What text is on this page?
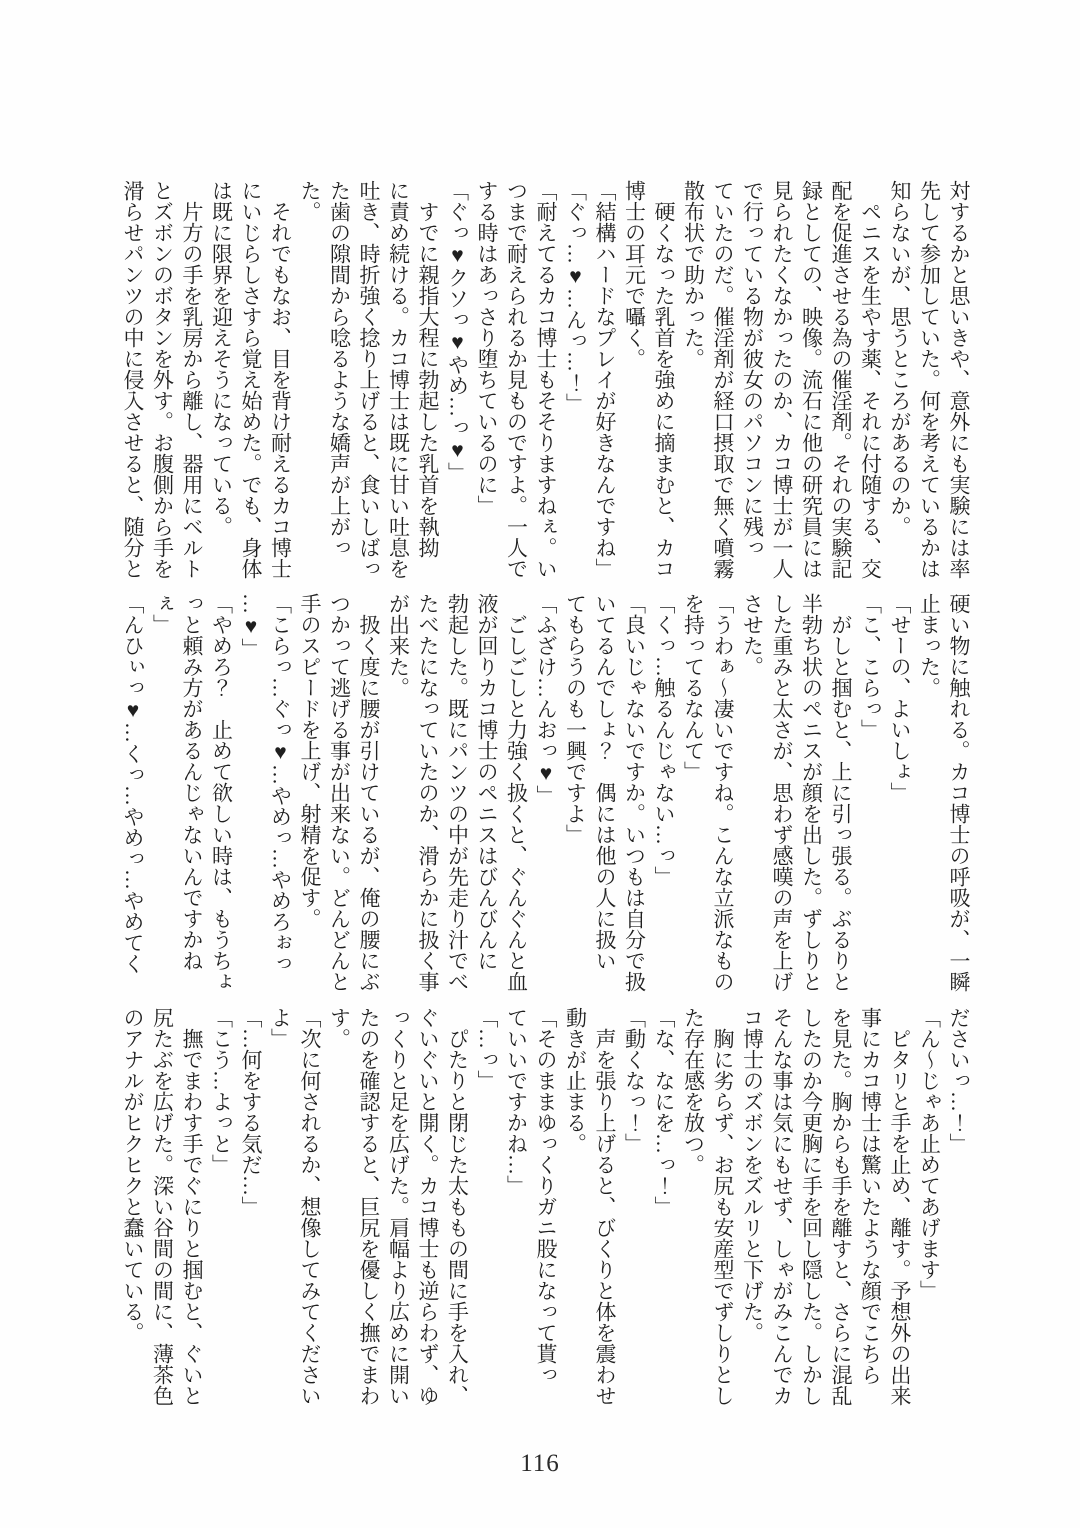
対するかと思いきや、意外にも実験には率
先して参加していた。何を考えているかは
知らないが、思うところがあるのか。
　ペニスを生やす薬、それに付随する、交
配を促進させる為の催淫剤。それの実験記
録としての、映像。流石に他の研究員には
見られたくなかったのか、カコ博士が一人
で行っている物が彼女のパソコンに残っ
ていたのだ。催淫剤が経口摂取で無く噴霧
散布状で助かった。
　硬くなった乳首を強めに摘まむと、カコ
博士の耳元で囁く。
「結構ハードなプレイが好きなんですね」
「ぐっ…♥…んっ…！」
「耐えてるカコ博士もそそりますねぇ。い
つまで耐えられるか見ものですよ。一人で
する時はあっさり堕ちているのに」
「ぐっ♥クソっ♥やめ…っ♥」
　すでに親指大程に勃起した乳首を執拗
に責め続ける。カコ博士は既に甘い吐息を
吐き、時折強く捻り上げると、食いしばっ
た歯の隙間から唸るような嬌声が上がっ
た。
　それでもなお、目を背け耐えるカコ博士
にいじらしさすら覚え始めた。でも、身体
は既に限界を迎えそうになっている。
　片方の手を乳房から離し、器用にベルト
とズボンのボタンを外す。お腹側から手を
滑らせパンツの中に侵入させると、随分と
硬い物に触れる。カコ博士の呼吸が、一瞬
止まった。
「せーの、よいしょ」
「こ、こらっ」
　がしと掴むと、上に引っ張る。ぶるりと
半勃ち状のペニスが顔を出した。ずしりと
した重みと太さが、思わず感嘆の声を上げ
させた。
「うわぁ〜凄いですね。こんな立派なもの
を持ってるなんて」
「くっ…触るんじゃない…っ」
「良いじゃないですか。いつもは自分で扱
いてるんでしょ？　偶には他の人に扱い
てもらうのも一興ですよ」
「ふざけ…んおっ♥」
　ごしごしと力強く扱くと、ぐんぐんと血
液が回りカコ博士のペニスはびんびんに
勃起した。既にパンツの中が先走り汁でべ
たべたになっていたのか、滑らかに扱く事
が出来た。
　扱く度に腰が引けているが、俺の腰にぶ
つかって逃げる事が出来ない。どんどんと
手のスピードを上げ、射精を促す。
「こらっ…ぐっ♥…やめっ…やめろぉっ
…♥」
「やめろ？　止めて欲しい時は、もうちょ
っと頼み方があるんじゃないんですかね
ぇ」
「んひぃっ♥…くっ…やめっ…やめてく
ださいっ…！」
「ん〜じゃあ止めてあげます」
　ピタリと手を止め、離す。予想外の出来
事にカコ博士は驚いたような顔でこちら
を見た。胸からも手を離すと、さらに混乱
したのか今更胸に手を回し隠した。しかし
そんな事は気にもせず、しゃがみこんでカ
コ博士のズボンをズルリと下げた。
　胸に劣らず、お尻も安産型でずしりとし
た存在感を放つ。
「な、なにを…っ！」
「動くなっ！」
　声を張り上げると、びくりと体を震わせ
動きが止まる。
「そのままゆっくりガニ股になって貰っ
ていいですかね…」
「…っ」
　ぴたりと閉じた太ももの間に手を入れ、
ぐいぐいと開く。カコ博士も逆らわず、ゆ
っくりと足を広げた。肩幅より広めに開い
たのを確認すると、巨尻を優しく撫でまわ
す。
「次に何されるか、想像してみてください
よ」
「…何をする気だ…」
「こう…よっと」
　撫でまわす手でぐにりと掴むと、ぐいと
尻たぶを広げた。深い谷間の間に、薄茶色
のアナルがヒクヒクと蠢いている。
116
